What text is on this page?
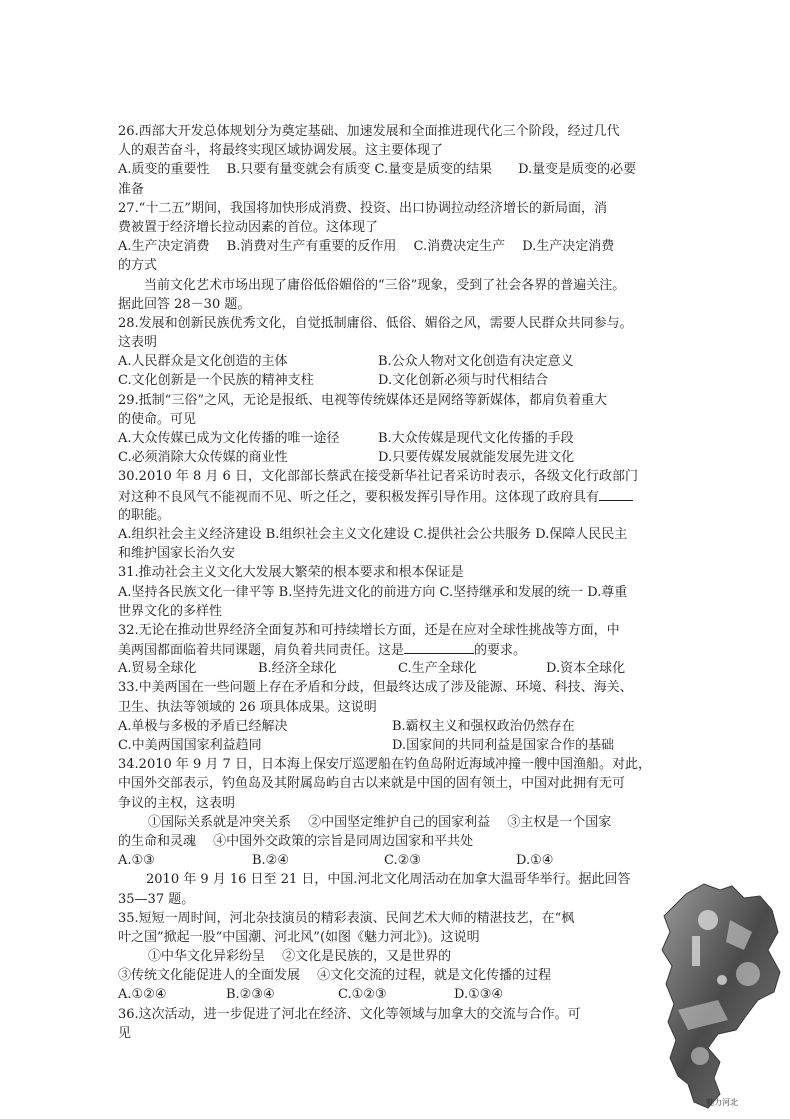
26.西部大开发总体规划分为奠定基础、加速发展和全面推进现代化三个阶段，经过几代
人的艰苦奋斗，将最终实现区域协调发展。这主要体现了
A.质变的重要性　 B.只要有量变就会有质变 C.量变是质变的结果　　D.量变是质变的必要
准备
27.“十二五”期间，我国将加快形成消费、投资、出口协调拉动经济增长的新局面，消
费被置于经济增长拉动因素的首位。这体现了
A.生产决定消费　 B.消费对生产有重要的反作用　 C.消费决定生产　 D.生产决定消费
的方式
当前文化艺术市场出现了庸俗低俗媚俗的“三俗”现象，受到了社会各界的普遍关注。
据此回答 28－30 题。
28.发展和创新民族优秀文化，自觉抵制庸俗、低俗、媚俗之风，需要人民群众共同参与。
这表明
A.人民群众是文化创造的主体	B.公众人物对文化创造有决定意义
C.文化创新是一个民族的精神支柱	D.文化创新必须与时代相结合
29.抵制“三俗”之风，无论是报纸、电视等传统媒体还是网络等新媒体，都肩负着重大
的使命。可见
A.大众传媒已成为文化传播的唯一途径	B.大众传媒是现代文化传播的手段
C.必须消除大众传媒的商业性	D.只要传媒发展就能发展先进文化
30.2010 年 8 月 6 日，文化部部长蔡武在接受新华社记者采访时表示，各级文化行政部门
对这种不良风气不能视而不见、听之任之，要积极发挥引导作用。这体现了政府具有
的职能。
A.组织社会主义经济建设 B.组织社会主义文化建设 C.提供社会公共服务 D.保障人民民主
和维护国家长治久安
31.推动社会主义文化大发展大繁荣的根本要求和根本保证是
A.坚持各民族文化一律平等 B.坚持先进文化的前进方向 C.坚持继承和发展的统一 D.尊重
世界文化的多样性
32.无论在推动世界经济全面复苏和可持续增长方面，还是在应对全球性挑战等方面，中
美两国都面临着共同课题，肩负着共同责任。这是	的要求。
A.贸易全球化	B.经济全球化	C.生产全球化	D.资本全球化
33.中美两国在一些问题上存在矛盾和分歧，但最终达成了涉及能源、环境、科技、海关、
卫生、执法等领域的 26 项具体成果。这说明
A.单极与多极的矛盾已经解决	B.霸权主义和强权政治仍然存在
C.中美两国国家利益趋同	D.国家间的共同利益是国家合作的基础
34.2010 年 9 月 7 日，日本海上保安厅巡逻船在钓鱼岛附近海域冲撞一艘中国渔船。对此，
中国外交部表示，钓鱼岛及其附属岛屿自古以来就是中国的固有领土，中国对此拥有无可
争议的主权，这表明
①国际关系就是冲突关系　 ②中国坚定维护自己的国家利益　 ③主权是一个国家
的生命和灵魂　 ④中国外交政策的宗旨是同周边国家和平共处
A.①③	B.②④	C.②③	D.①④
2010 年 9 月 16 日至 21 日，中国.河北文化周活动在加拿大温哥华举行。据此回答
35—37 题。
35.短短一周时间，河北杂技演员的精彩表演、民间艺术大师的精湛技艺，在“枫
叶之国”掀起一股“中国潮、河北风”(如图《魅力河北》)。这说明
①中华文化异彩纷呈　 ②文化是民族的，又是世界的
③传统文化能促进人的全面发展　 ④文化交流的过程，就是文化传播的过程
A.①②④	B.②③④	C.①②③	D.①③④
36.这次活动，进一步促进了河北在经济、文化等领域与加拿大的交流与合作。可
见
魅力河北
